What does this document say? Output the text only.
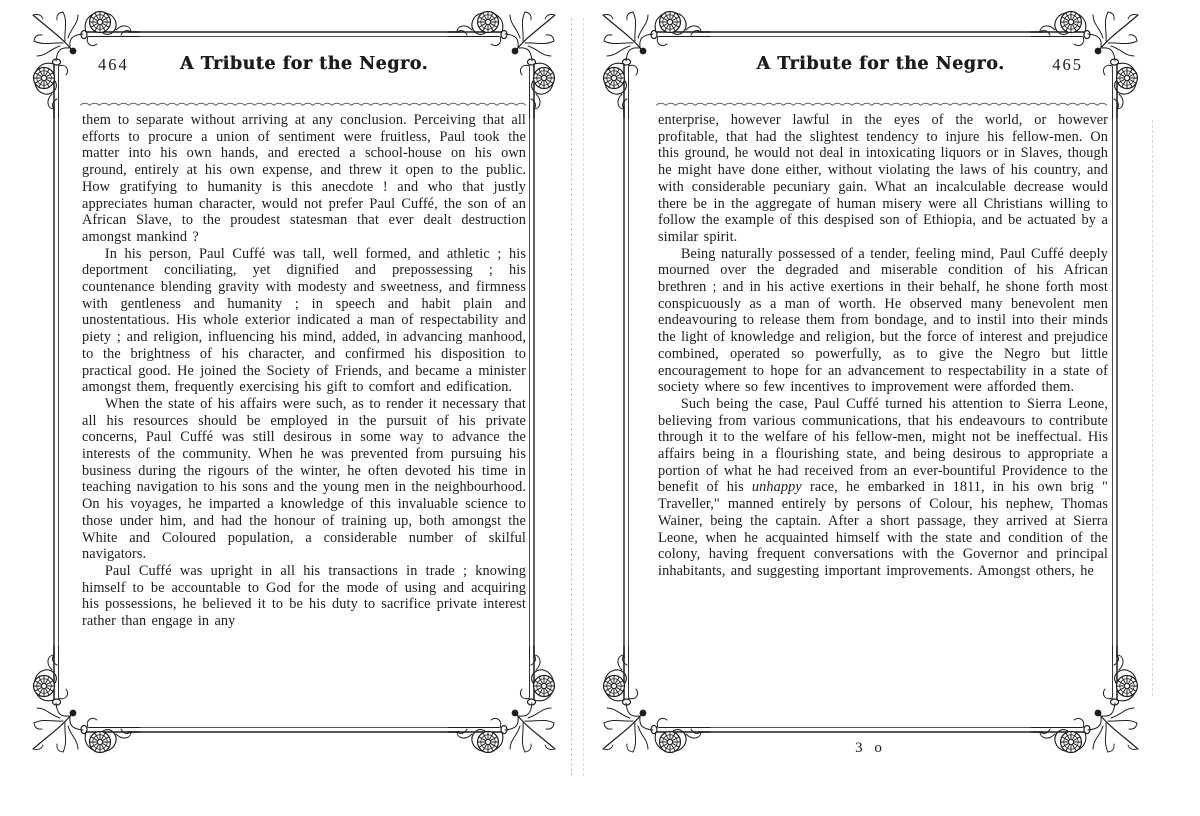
464	A Tribute for the Negro.

them to separate without arriving at any conclusion. Perceiving that all efforts to procure a union of sentiment were fruitless, Paul took the matter into his own hands, and erected a school-house on his own ground, entirely at his own expense, and threw it open to the public. How gratifying to humanity is this anecdote ! and who that justly appreciates human character, would not prefer Paul Cuffé, the son of an African Slave, to the proudest statesman that ever dealt destruction amongst mankind ?

In his person, Paul Cuffé was tall, well formed, and athletic ; his deportment conciliating, yet dignified and prepossessing ; his countenance blending gravity with modesty and sweetness, and firmness with gentleness and humanity ; in speech and habit plain and unostentatious. His whole exterior indicated a man of respectability and piety ; and religion, influencing his mind, added, in advancing manhood, to the brightness of his character, and confirmed his disposition to practical good. He joined the Society of Friends, and became a minister amongst them, frequently exercising his gift to comfort and edification.

When the state of his affairs were such, as to render it necessary that all his resources should be employed in the pursuit of his private concerns, Paul Cuffé was still desirous in some way to advance the interests of the community. When he was prevented from pursuing his business during the rigours of the winter, he often devoted his time in teaching navigation to his sons and the young men in the neighbourhood. On his voyages, he imparted a knowledge of this invaluable science to those under him, and had the honour of training up, both amongst the White and Coloured population, a considerable number of skilful navigators.

Paul Cuffé was upright in all his transactions in trade ; knowing himself to be accountable to God for the mode of using and acquiring his possessions, he believed it to be his duty to sacrifice private interest rather than engage in any

A Tribute for the Negro.	465

enterprise, however lawful in the eyes of the world, or however profitable, that had the slightest tendency to injure his fellow-men. On this ground, he would not deal in intoxicating liquors or in Slaves, though he might have done either, without violating the laws of his country, and with considerable pecuniary gain. What an incalculable decrease would there be in the aggregate of human misery were all Christians willing to follow the example of this despised son of Ethiopia, and be actuated by a similar spirit.

Being naturally possessed of a tender, feeling mind, Paul Cuffé deeply mourned over the degraded and miserable condition of his African brethren ; and in his active exertions in their behalf, he shone forth most conspicuously as a man of worth. He observed many benevolent men endeavouring to release them from bondage, and to instil into their minds the light of knowledge and religion, but the force of interest and prejudice combined, operated so powerfully, as to give the Negro but little encouragement to hope for an advancement to respectability in a state of society where so few incentives to improvement were afforded them.

Such being the case, Paul Cuffé turned his attention to Sierra Leone, believing from various communications, that his endeavours to contribute through it to the welfare of his fellow-men, might not be ineffectual. His affairs being in a flourishing state, and being desirous to appropriate a portion of what he had received from an ever-bountiful Providence to the benefit of his unhappy race, he embarked in 1811, in his own brig " Traveller," manned entirely by persons of Colour, his nephew, Thomas Wainer, being the captain. After a short passage, they arrived at Sierra Leone, when he acquainted himself with the state and condition of the colony, having frequent conversations with the Governor and principal inhabitants, and suggesting important improvements. Amongst others, he

3 o
